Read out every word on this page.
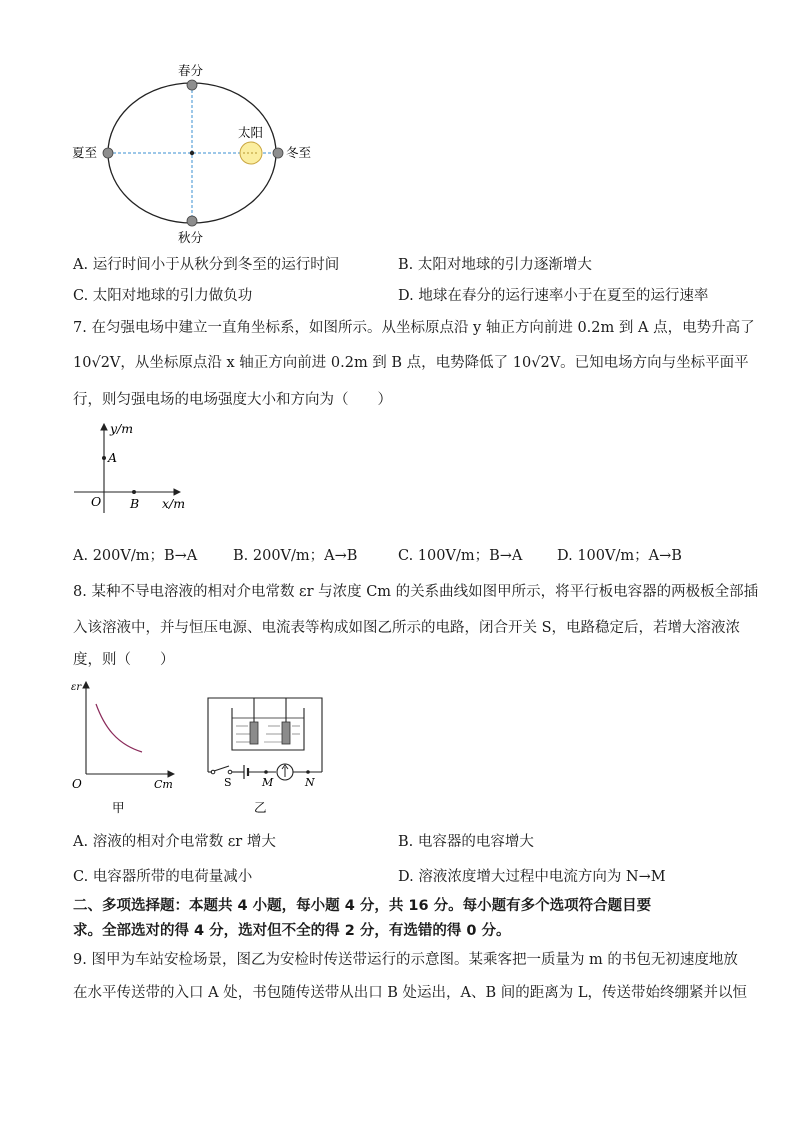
春分
夏至
秋分
冬至
太阳
A. 运行时间小于从秋分到冬至的运行时间	B. 太阳对地球的引力逐渐增大
C. 太阳对地球的引力做负功	D. 地球在春分的运行速率小于在夏至的运行速率
7. 在匀强电场中建立一直角坐标系，如图所示。从坐标原点沿 y 轴正方向前进 0.2m 到 A 点，电势升高了
10√2V，从坐标原点沿 x 轴正方向前进 0.2m 到 B 点，电势降低了 10√2V。已知电场方向与坐标平面平
行，则匀强电场的电场强度大小和方向为（　　）
y/m
x/m
O
A
B
A. 200V/m；B→A B. 200V/m；A→B	C. 100V/m；B→A D. 100V/m；A→B
8. 某种不导电溶液的相对介电常数 εr 与浓度 Cm 的关系曲线如图甲所示，将平行板电容器的两极板全部插
入该溶液中，并与恒压电源、电流表等构成如图乙所示的电路，闭合开关 S，电路稳定后，若增大溶液浓
度，则（　　）
εr
Cm
O
甲
S	M	N
乙
A. 溶液的相对介电常数 εr 增大	B. 电容器的电容增大
C. 电容器所带的电荷量减小	D. 溶液浓度增大过程中电流方向为 N→M
二、多项选择题：本题共 4 小题，每小题 4 分，共 16 分。每小题有多个选项符合题目要
求。全部选对的得 4 分，选对但不全的得 2 分，有选错的得 0 分。
9. 图甲为车站安检场景，图乙为安检时传送带运行的示意图。某乘客把一质量为 m 的书包无初速度地放
在水平传送带的入口 A 处，书包随传送带从出口 B 处运出，A、B 间的距离为 L，传送带始终绷紧并以恒
